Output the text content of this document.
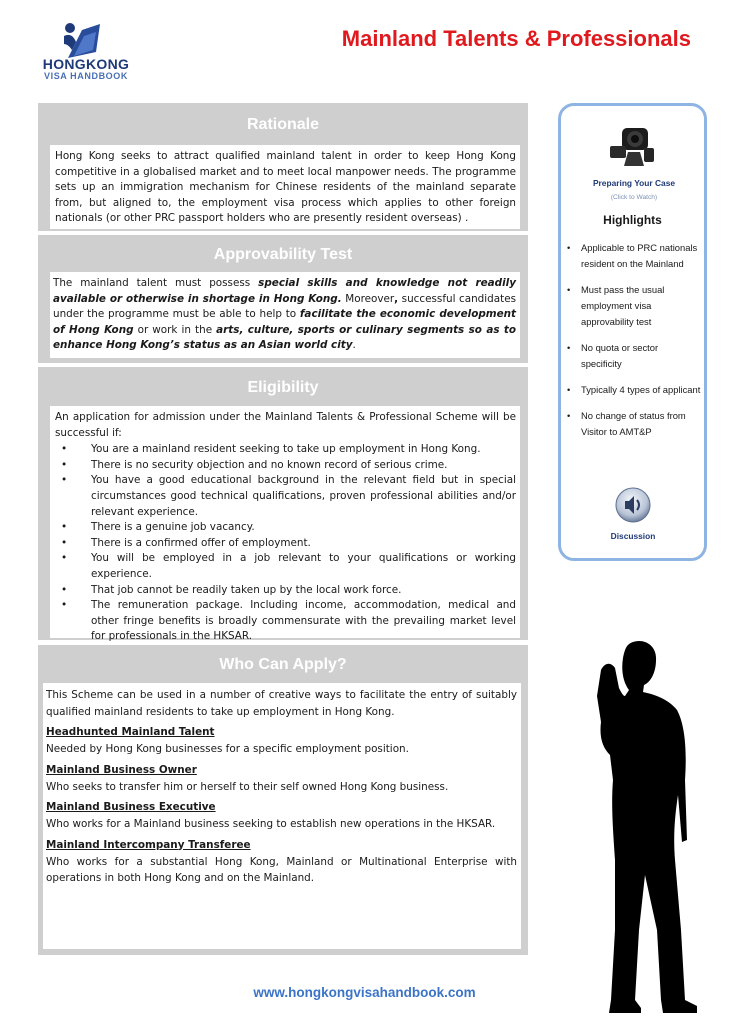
HONGKONG
VISA HANDBOOK
Mainland Talents & Professionals
Rationale
Hong Kong seeks to attract qualified mainland talent in order to keep Hong Kong competitive in a globalised market and to meet local manpower needs. The programme sets up an immigration mechanism for Chinese residents of the mainland separate from, but aligned to, the employment visa process which applies to other foreign nationals (or other PRC passport holders who are presently resident overseas) .
Approvability Test
The mainland talent must possess special skills and knowledge not readily available or otherwise in shortage in Hong Kong. Moreover, successful candidates under the programme must be able to help to facilitate the economic development of Hong Kong or work in the arts, culture, sports or culinary segments so as to enhance Hong Kong’s status as an Asian world city.
Eligibility
An application for admission under the Mainland Talents & Professional Scheme will be successful if:
•	You are a mainland resident seeking to take up employment in Hong Kong.
•	There is no security objection and no known record of serious crime.
•	You have a good educational background in the relevant field but in special circumstances good technical qualifications, proven professional abilities and/or relevant experience.
•	There is a genuine job vacancy.
•	There is a confirmed offer of employment.
•	You will be employed in a job relevant to your qualifications or working experience.
•	That job cannot be readily taken up by the local work force.
•	The remuneration package. Including income, accommodation, medical and other fringe benefits is broadly commensurate with the prevailing market level for professionals in the HKSAR.
Who Can Apply?
This Scheme can be used in a number of creative ways to facilitate the entry of suitably qualified mainland residents to take up employment in Hong Kong.
Headhunted Mainland Talent
Needed by Hong Kong businesses for a specific employment position.
Mainland Business Owner
Who seeks to transfer him or herself to their self owned Hong Kong business.
Mainland Business Executive
Who works for a Mainland business seeking to establish new operations in the HKSAR.
Mainland Intercompany Transferee
Who works for a substantial Hong Kong, Mainland or Multinational Enterprise with operations in both Hong Kong and on the Mainland.
Preparing Your Case
(Click to Watch)
Highlights
•	Applicable to PRC nationals resident on the Mainland
•	Must pass the usual employment visa approvability test
•	No quota or sector specificity
•	Typically 4 types of applicant
•	No change of status from Visitor to AMT&P
Discussion
www.hongkongvisahandbook.com
